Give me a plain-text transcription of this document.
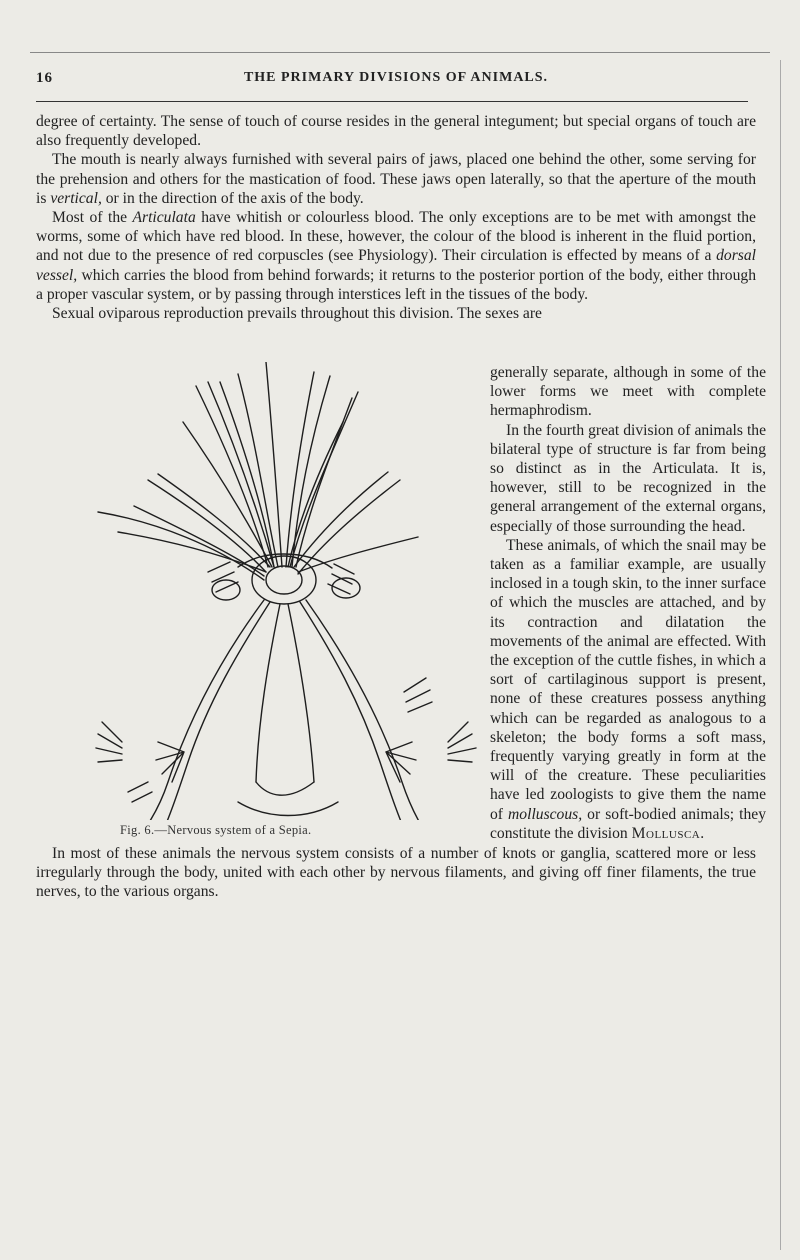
16	THE PRIMARY DIVISIONS OF ANIMALS.

degree of certainty. The sense of touch of course resides in the general integument; but special organs of touch are also frequently developed.

The mouth is nearly always furnished with several pairs of jaws, placed one behind the other, some serving for the prehension and others for the mastication of food. These jaws open laterally, so that the aperture of the mouth is vertical, or in the direction of the axis of the body.

Most of the Articulata have whitish or colourless blood. The only exceptions are to be met with amongst the worms, some of which have red blood. In these, however, the colour of the blood is inherent in the fluid portion, and not due to the presence of red corpuscles (see Physiology). Their circulation is effected by means of a dorsal vessel, which carries the blood from behind forwards; it returns to the posterior portion of the body, either through a proper vascular system, or by passing through interstices left in the tissues of the body.

Sexual oviparous reproduction prevails throughout this division. The sexes are

generally separate, although in some of the lower forms we meet with complete hermaphrodism.

In the fourth great division of animals the bilateral type of structure is far from being so distinct as in the Articulata. It is, however, still to be recognized in the general arrangement of the external organs, especially of those surrounding the head.

These animals, of which the snail may be taken as a familiar example, are usually inclosed in a tough skin, to the inner surface of which the muscles are attached, and by its contraction and dilatation the movements of the animal are effected. With the exception of the cuttle fishes, in which a sort of cartilaginous support is present, none of these creatures possess anything which can be regarded as analogous to a skeleton; the body forms a soft mass, frequently varying greatly in form at the will of the creature. These peculiarities have led zoologists to give them the name of molluscous, or soft-bodied animals; they constitute the division Mollusca.

Fig. 6.—Nervous system of a Sepia.

In most of these animals the nervous system consists of a number of knots or ganglia, scattered more or less irregularly through the body, united with each other by nervous filaments, and giving off finer filaments, the true nerves, to the various organs.
